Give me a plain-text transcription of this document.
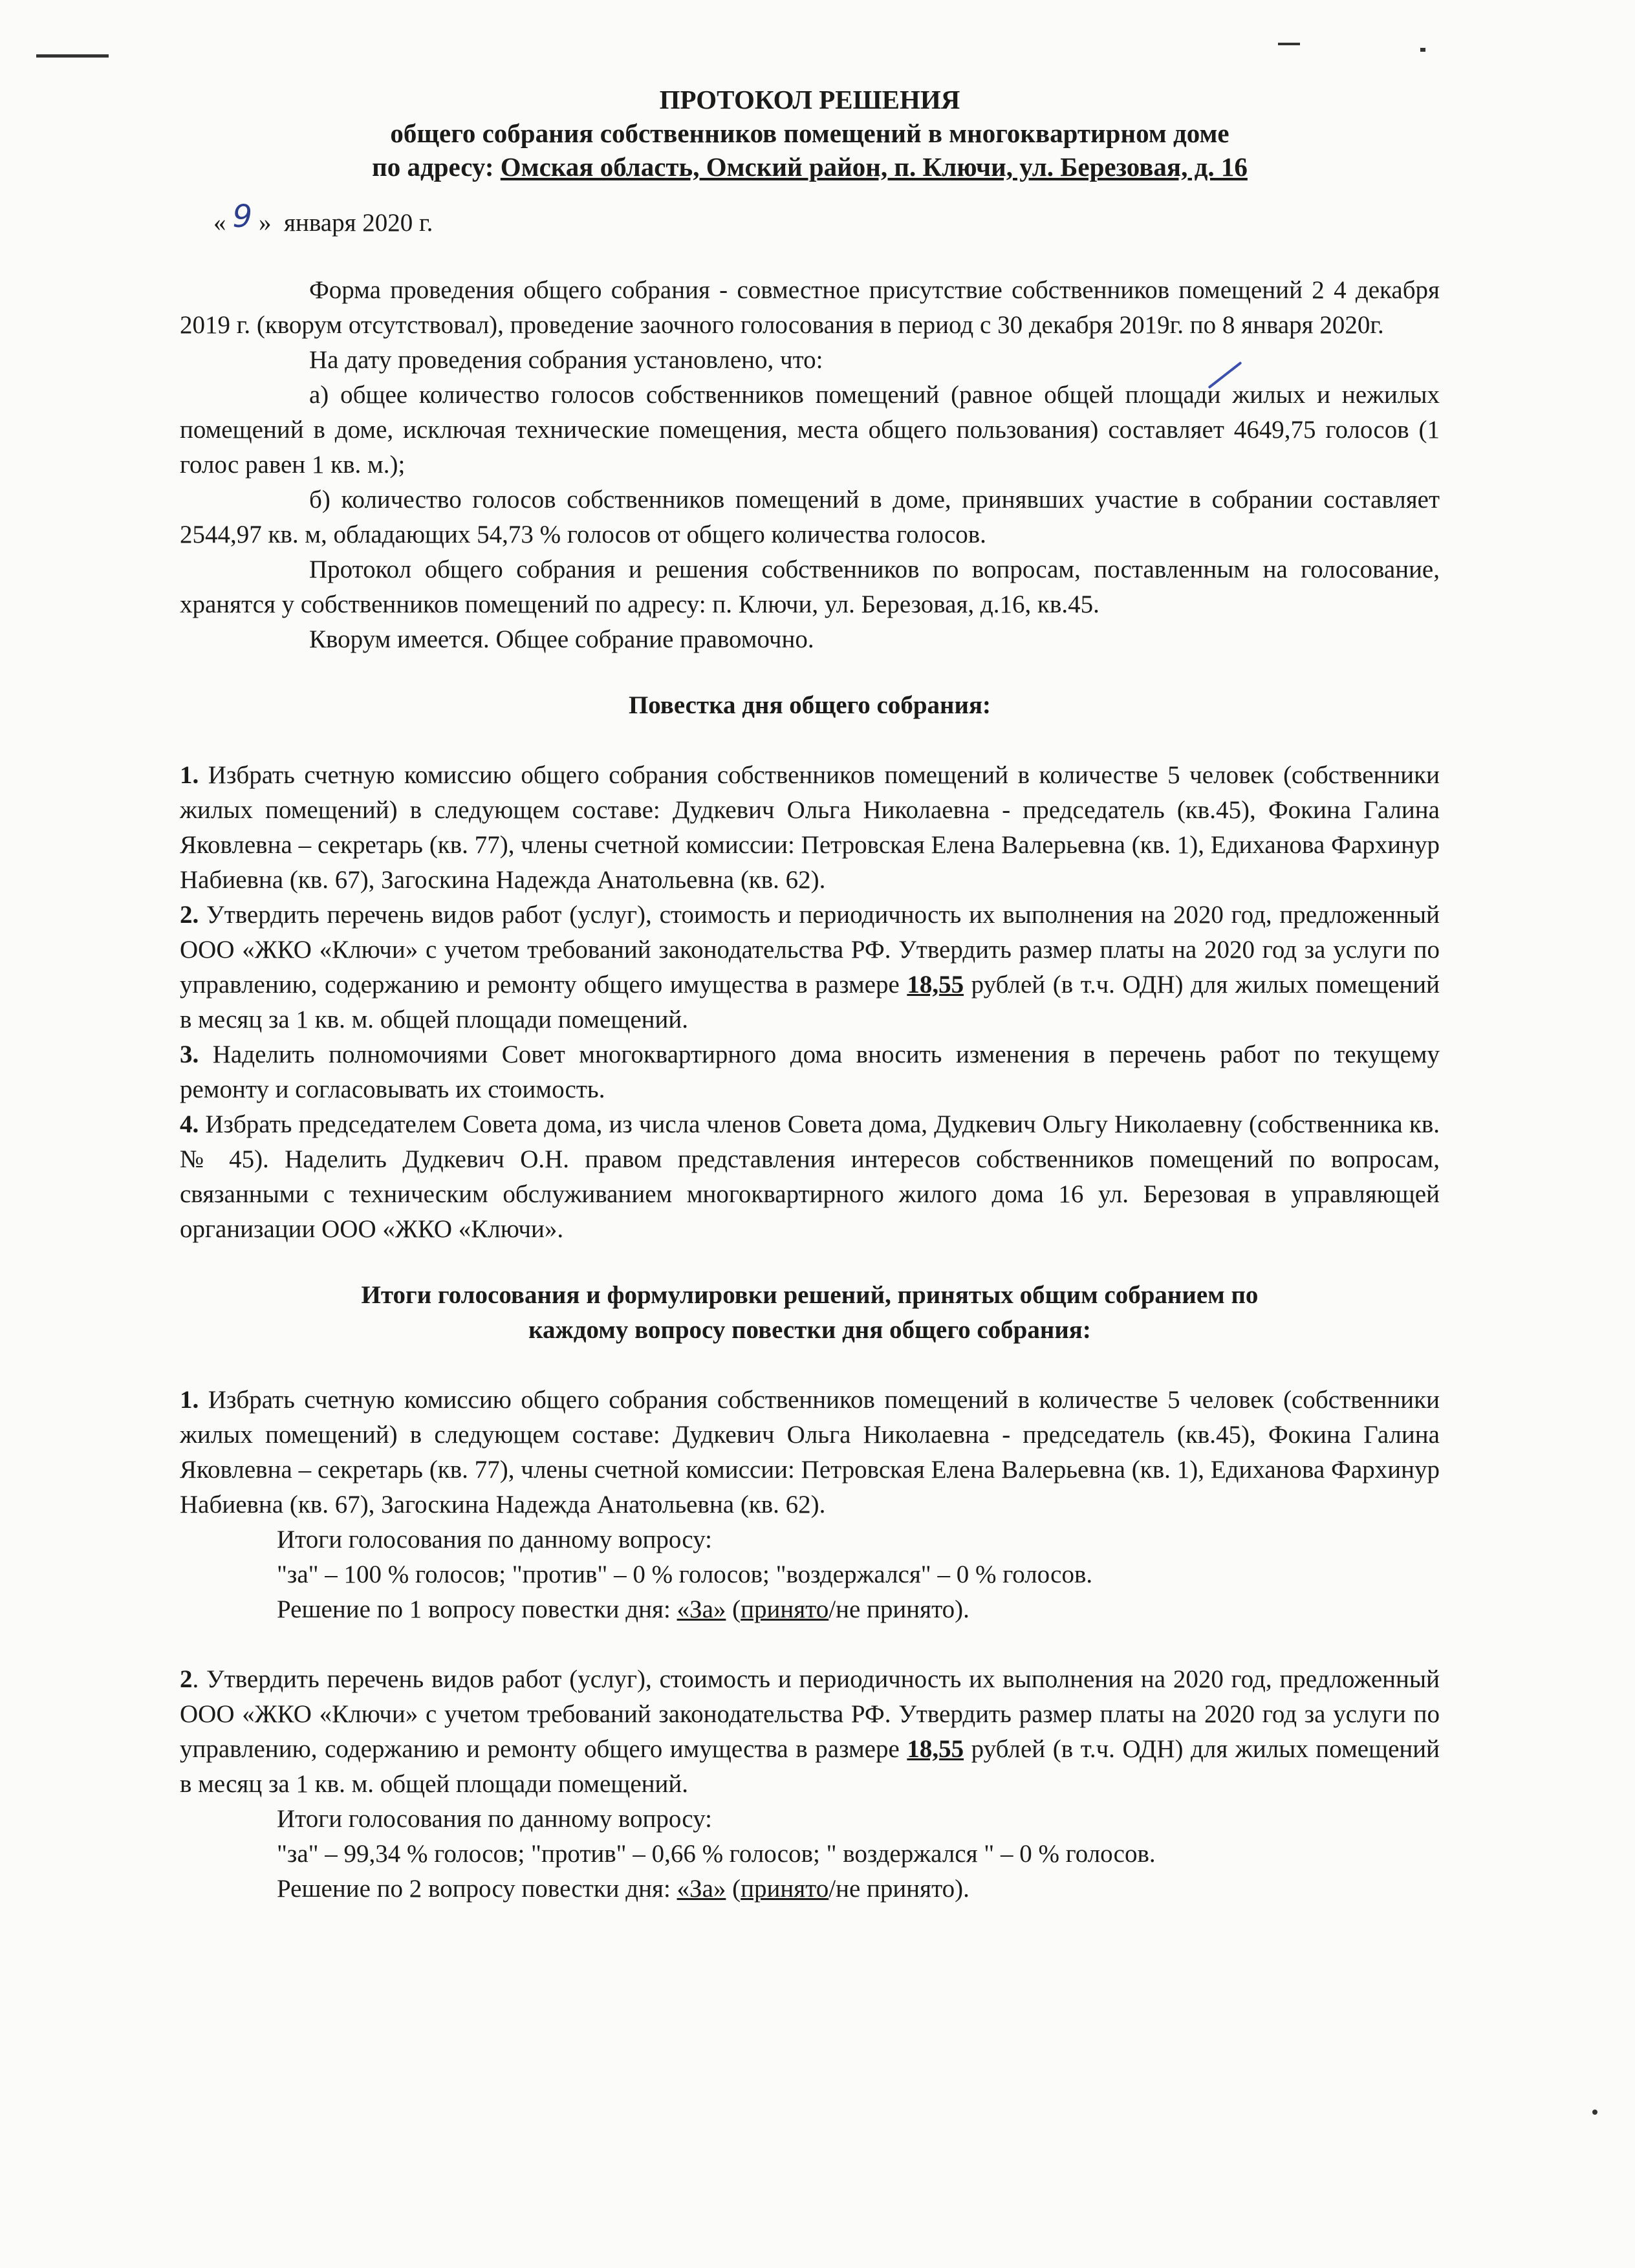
ПРОТОКОЛ РЕШЕНИЯ
общего собрания собственников помещений в многоквартирном доме
по адресу: Омская область, Омский район, п. Ключи, ул. Березовая, д. 16
« 9 » января 2020 г.

Форма проведения общего собрания - совместное присутствие собственников помещений 2 4 декабря 2019 г. (кворум отсутствовал), проведение заочного голосования в период с 30 декабря 2019г. по 8 января 2020г.

На дату проведения собрания установлено, что:

а) общее количество голосов собственников помещений (равное общей площади жилых и нежилых помещений в доме, исключая технические помещения, места общего пользования) составляет 4649,75 голосов (1 голос равен 1 кв. м.);

б) количество голосов собственников помещений в доме, принявших участие в собрании составляет 2544,97 кв. м, обладающих 54,73 % голосов от общего количества голосов.

Протокол общего собрания и решения собственников по вопросам, поставленным на голосование, хранятся у собственников помещений по адресу: п. Ключи, ул. Березовая, д.16, кв.45.

Кворум имеется. Общее собрание правомочно.

Повестка дня общего собрания:

1. Избрать счетную комиссию общего собрания собственников помещений в количестве 5 человек (собственники жилых помещений) в следующем составе: Дудкевич Ольга Николаевна - председатель (кв.45), Фокина Галина Яковлевна – секретарь (кв. 77), члены счетной комиссии: Петровская Елена Валерьевна (кв. 1), Едиханова Фархинур Набиевна (кв. 67), Загоскина Надежда Анатольевна (кв. 62).

2. Утвердить перечень видов работ (услуг), стоимость и периодичность их выполнения на 2020 год, предложенный ООО «ЖКО «Ключи» с учетом требований законодательства РФ. Утвердить размер платы на 2020 год за услуги по управлению, содержанию и ремонту общего имущества в размере 18,55 рублей (в т.ч. ОДН) для жилых помещений в месяц за 1 кв. м. общей площади помещений.

3. Наделить полномочиями Совет многоквартирного дома вносить изменения в перечень работ по текущему ремонту и согласовывать их стоимость.

4. Избрать председателем Совета дома, из числа членов Совета дома, Дудкевич Ольгу Николаевну (собственника кв. № 45). Наделить Дудкевич О.Н. правом представления интересов собственников помещений по вопросам, связанными с техническим обслуживанием многоквартирного жилого дома 16 ул. Березовая в управляющей организации ООО «ЖКО «Ключи».

Итоги голосования и формулировки решений, принятых общим собранием по
каждому вопросу повестки дня общего собрания:

1. Избрать счетную комиссию общего собрания собственников помещений в количестве 5 человек (собственники жилых помещений) в следующем составе: Дудкевич Ольга Николаевна - председатель (кв.45), Фокина Галина Яковлевна – секретарь (кв. 77), члены счетной комиссии: Петровская Елена Валерьевна (кв. 1), Едиханова Фархинур Набиевна (кв. 67), Загоскина Надежда Анатольевна (кв. 62).

Итоги голосования по данному вопросу:

"за" – 100 % голосов; "против" – 0 % голосов; "воздержался" – 0 % голосов.

Решение по 1 вопросу повестки дня: «За» (принято/не принято).

2. Утвердить перечень видов работ (услуг), стоимость и периодичность их выполнения на 2020 год, предложенный ООО «ЖКО «Ключи» с учетом требований законодательства РФ. Утвердить размер платы на 2020 год за услуги по управлению, содержанию и ремонту общего имущества в размере 18,55 рублей (в т.ч. ОДН) для жилых помещений в месяц за 1 кв. м. общей площади помещений.

Итоги голосования по данному вопросу:

"за" – 99,34 % голосов; "против" – 0,66 % голосов; " воздержался " – 0 % голосов.

Решение по 2 вопросу повестки дня: «За» (принято/не принято).
